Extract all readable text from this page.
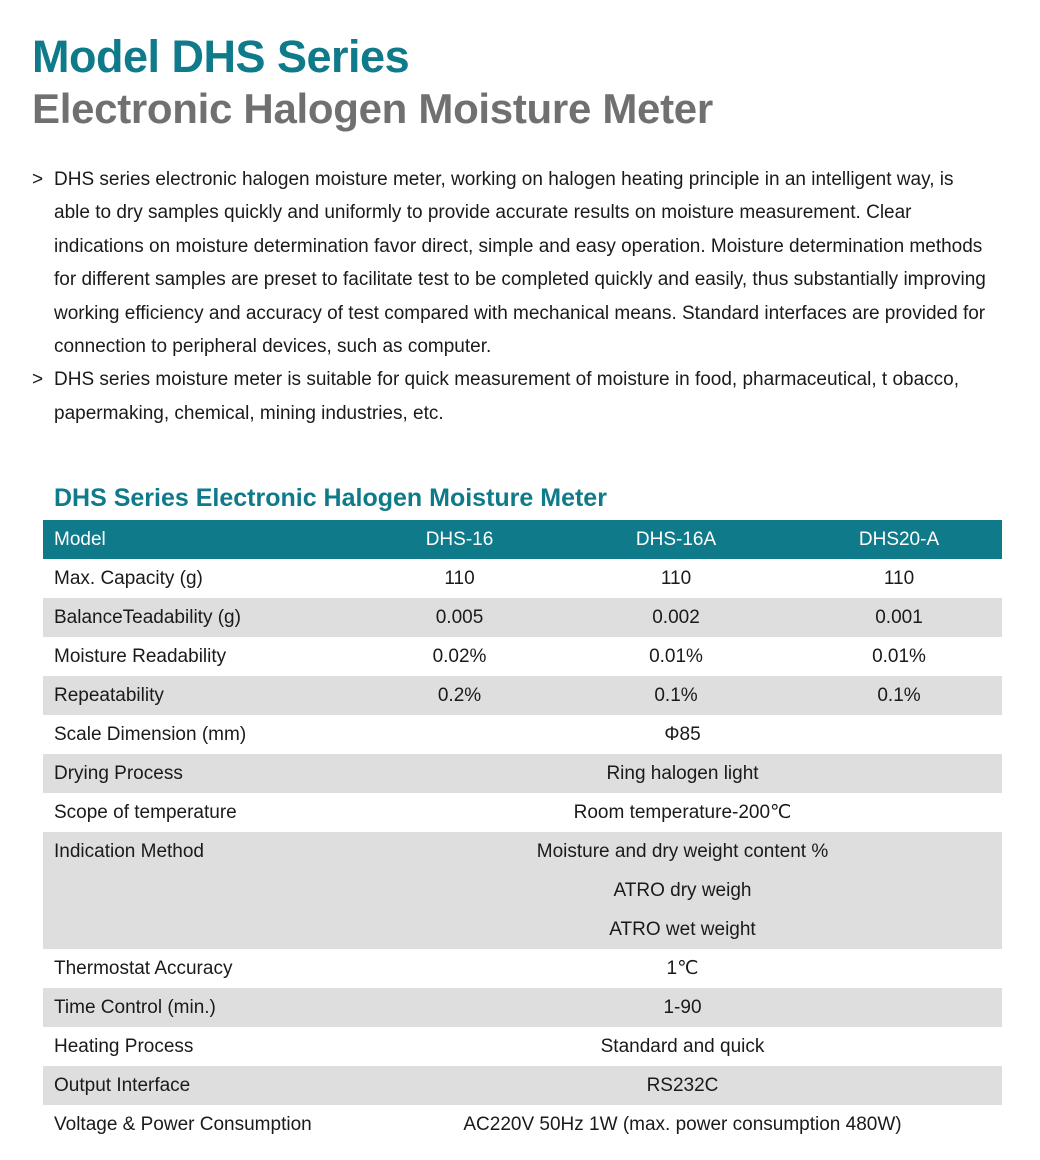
Model DHS Series
Electronic Halogen Moisture Meter
> DHS series electronic halogen moisture meter, working on halogen heating principle in an intelligent way, is able to dry samples quickly and uniformly to provide accurate results on moisture measurement. Clear indications on moisture determination favor direct, simple and easy operation. Moisture determination methods for different samples are preset to facilitate test to be completed quickly and easily, thus substantially improving working efficiency and accuracy of test compared with mechanical means. Standard interfaces are provided for connection to peripheral devices, such as computer.
> DHS series moisture meter is suitable for quick measurement of moisture in food, pharmaceutical, t obacco, papermaking, chemical, mining industries, etc.
DHS Series Electronic Halogen Moisture Meter
Model	DHS-16	DHS-16A	DHS20-A
Max. Capacity (g)	110	110	110
BalanceTeadability (g)	0.005	0.002	0.001
Moisture Readability	0.02%	0.01%	0.01%
Repeatability	0.2%	0.1%	0.1%
Scale Dimension (mm)	Φ85		
Drying Process	Ring halogen light		
Scope of temperature	Room temperature-200℃		
Indication Method	Moisture and dry weight content %
ATRO dry weigh
ATRO wet weight		

Thermostat Accuracy	1℃		
Time Control (min.)	1-90		
Heating Process	Standard and quick		
Output Interface	RS232C		
Voltage & Power Consumption	AC220V 50Hz 1W (max. power consumption 480W)		
